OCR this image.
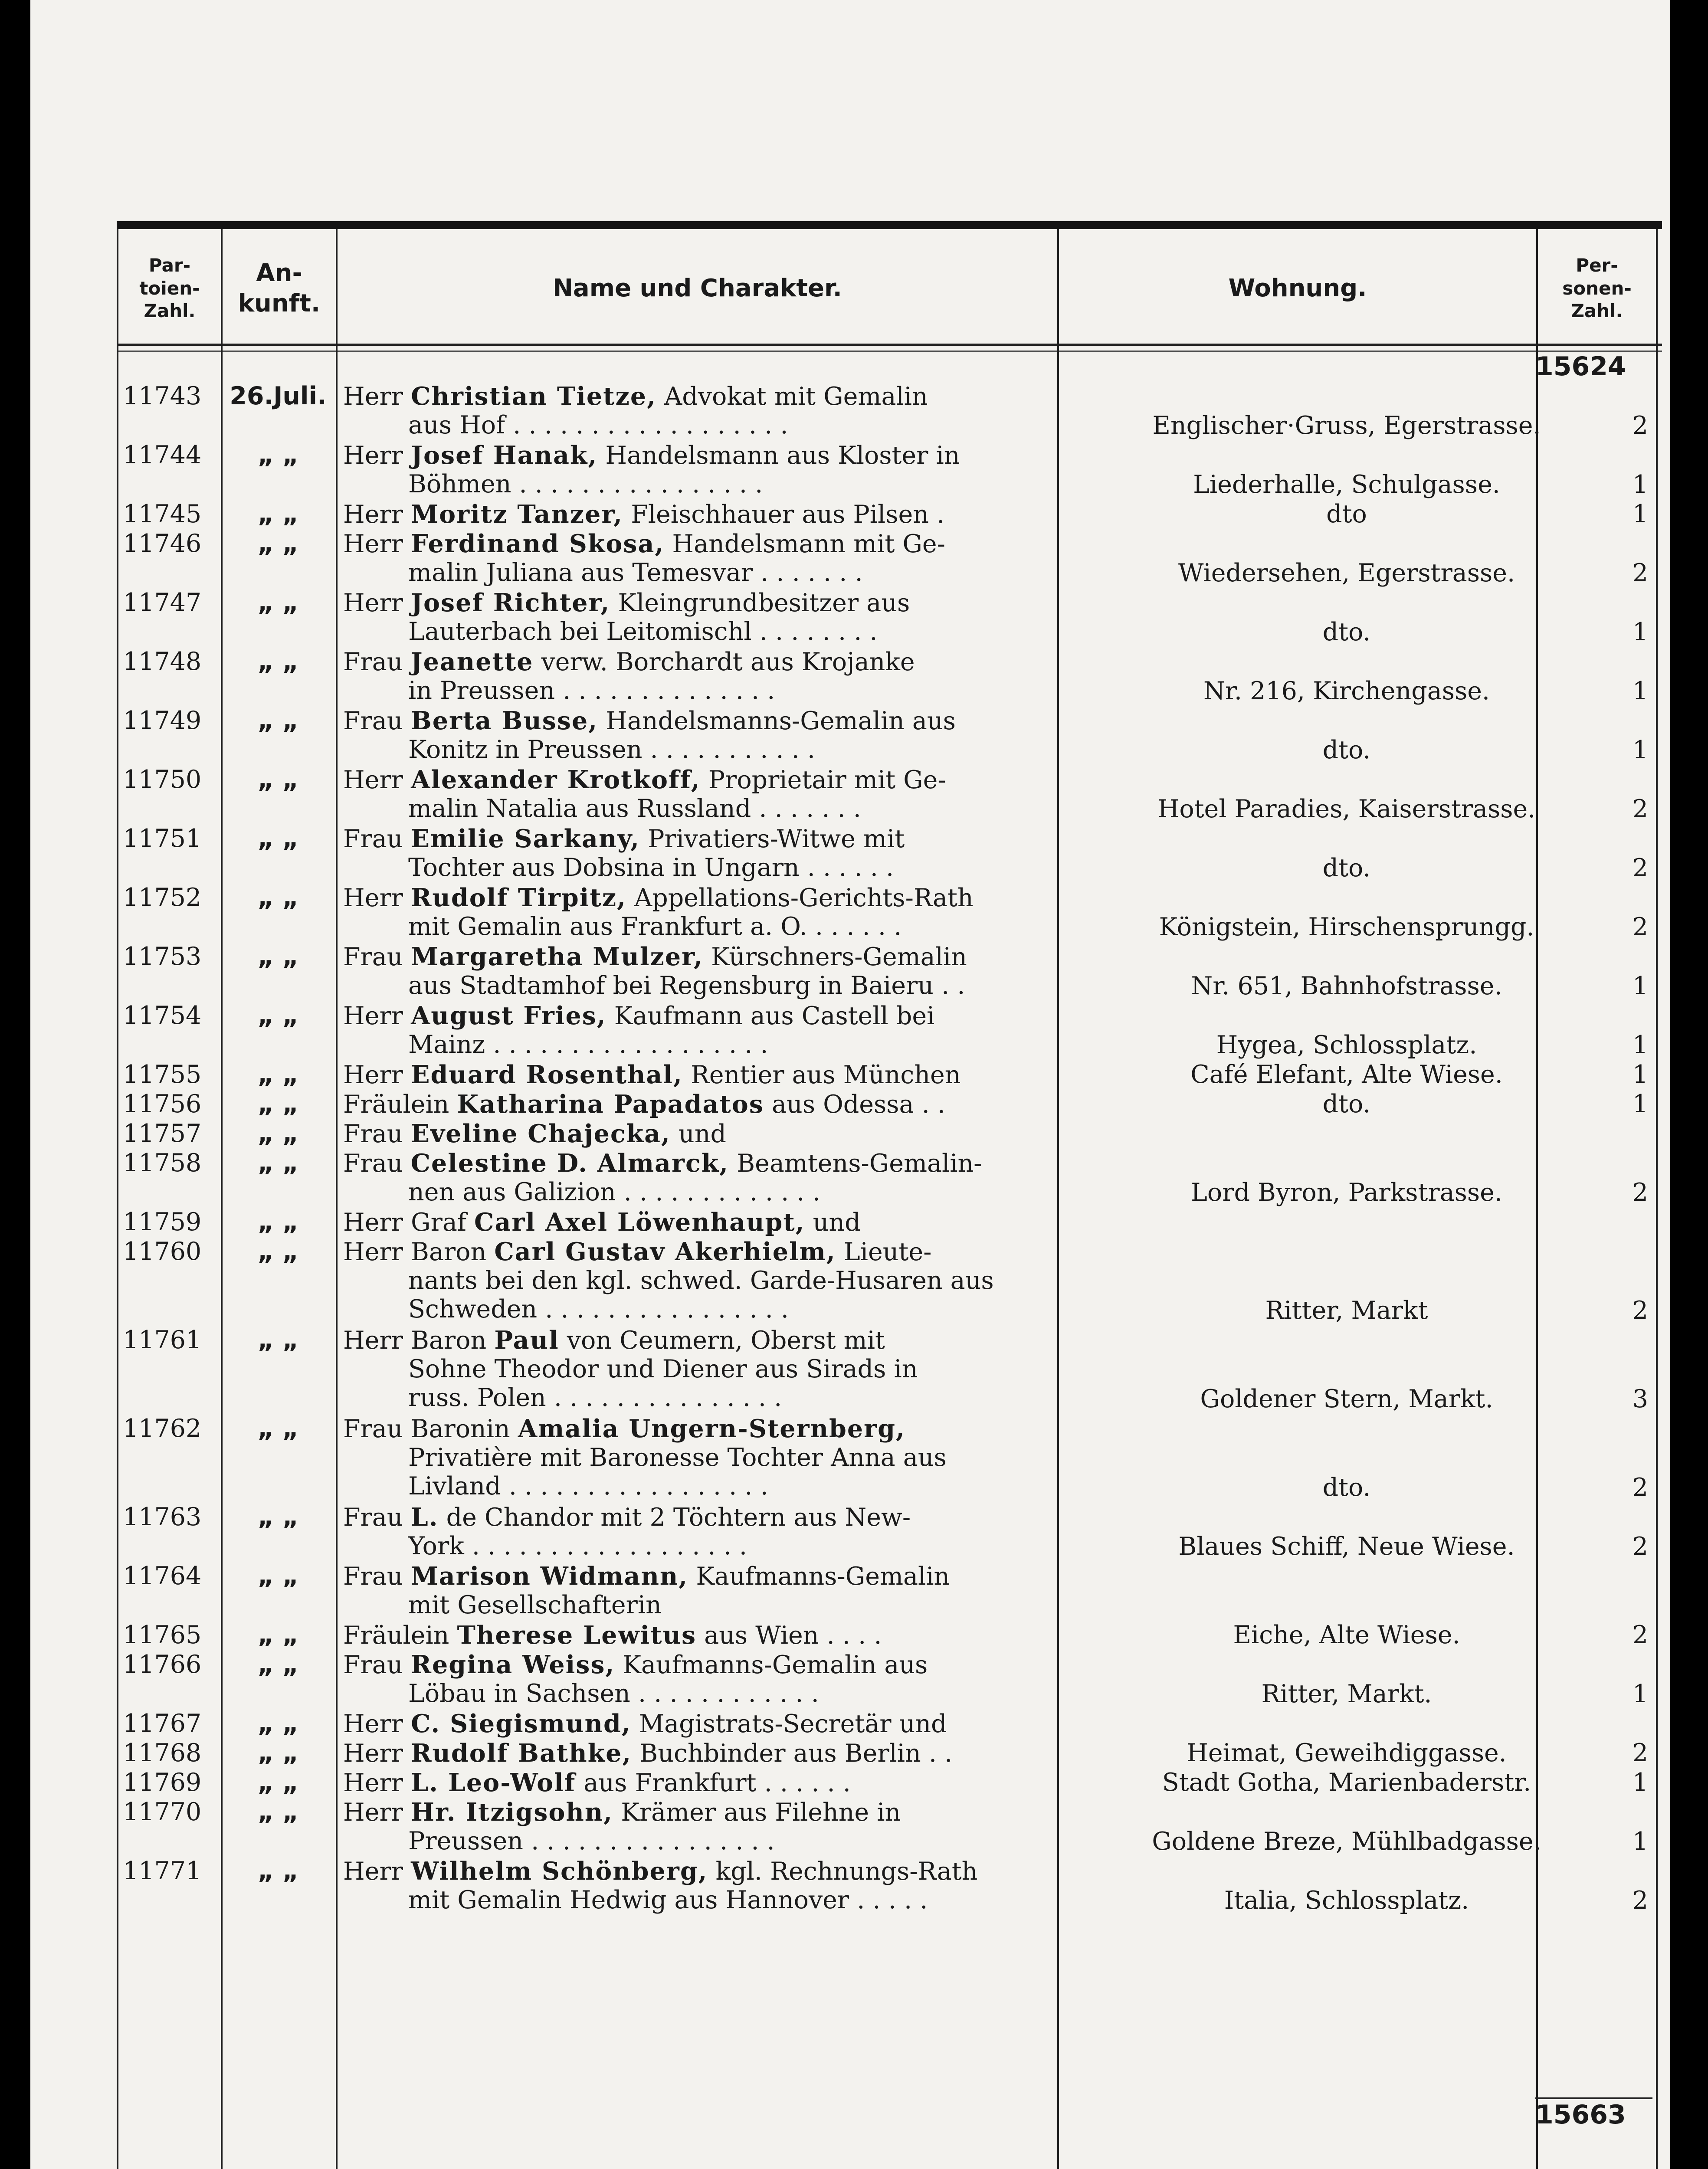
Par-
toien-
Zahl.
An-
kunft.
Name und Charakter.	Wohnung.
Per-
sonen-
Zahl.
15624
15663
11743	26.Juli. Herr Christian Tietze, Advokat mit Gemalin
aus Hof . . . . . . . . . . . . . . . . . .	Englischer·Gruss, Egerstrasse.	2
11744	„ „	Herr Josef Hanak, Handelsmann aus Kloster in
Böhmen . . . . . . . . . . . . . . . .	Liederhalle, Schulgasse.	1
11745	„ „	Herr Moritz Tanzer, Fleischhauer aus Pilsen .	dto	1
11746	„ „	Herr Ferdinand Skosa, Handelsmann mit Ge-
malin Juliana aus Temesvar . . . . . . .	Wiedersehen, Egerstrasse.	2
11747	„ „	Herr Josef Richter, Kleingrundbesitzer aus
Lauterbach bei Leitomischl . . . . . . . .	dto.	1
11748	„ „	Frau Jeanette verw. Borchardt aus Krojanke
in Preussen . . . . . . . . . . . . . .	Nr. 216, Kirchengasse.	1
11749	„ „	Frau Berta Busse, Handelsmanns-Gemalin aus
Konitz in Preussen . . . . . . . . . . .	dto.	1
11750	„ „	Herr Alexander Krotkoff, Proprietair mit Ge-
malin Natalia aus Russland . . . . . . .	Hotel Paradies, Kaiserstrasse.	2
11751	„ „	Frau Emilie Sarkany, Privatiers-Witwe mit
Tochter aus Dobsina in Ungarn . . . . . .	dto.	2
11752	„ „	Herr Rudolf Tirpitz, Appellations-Gerichts-Rath
mit Gemalin aus Frankfurt a. O. . . . . . .	Königstein, Hirschensprungg.	2
11753	„ „	Frau Margaretha Mulzer, Kürschners-Gemalin
aus Stadtamhof bei Regensburg in Baieru . .	Nr. 651, Bahnhofstrasse.	1
11754	„ „	Herr August Fries, Kaufmann aus Castell bei
Mainz . . . . . . . . . . . . . . . . . .	Hygea, Schlossplatz.	1
11755	„ „	Herr Eduard Rosenthal, Rentier aus München	Café Elefant, Alte Wiese.	1
11756	„ „	Fräulein Katharina Papadatos aus Odessa . .	dto.	1
11757	„ „	Frau Eveline Chajecka, und
11758	„ „	Frau Celestine D. Almarck, Beamtens-Gemalin-
nen aus Galizion . . . . . . . . . . . . .	Lord Byron, Parkstrasse.	2
11759	„ „	Herr Graf Carl Axel Löwenhaupt, und
11760	„ „	Herr Baron Carl Gustav Akerhielm, Lieute-
nants bei den kgl. schwed. Garde-Husaren aus
Schweden . . . . . . . . . . . . . . . .	Ritter, Markt	2
11761	„ „	Herr Baron Paul von Ceumern, Oberst mit
Sohne Theodor und Diener aus Sirads in
russ. Polen . . . . . . . . . . . . . . .	Goldener Stern, Markt.	3
11762	„ „	Frau Baronin Amalia Ungern-Sternberg,
Privatière mit Baronesse Tochter Anna aus
Livland . . . . . . . . . . . . . . . . .	dto.	2
11763	„ „	Frau L. de Chandor mit 2 Töchtern aus New-
York . . . . . . . . . . . . . . . . . .	Blaues Schiff, Neue Wiese.	2
11764	„ „	Frau Marison Widmann, Kaufmanns-Gemalin
mit Gesellschafterin
11765	„ „	Fräulein Therese Lewitus aus Wien . . . .	Eiche, Alte Wiese.	2
11766	„ „	Frau Regina Weiss, Kaufmanns-Gemalin aus
Löbau in Sachsen . . . . . . . . . . . .	Ritter, Markt.	1
11767	„ „	Herr C. Siegismund, Magistrats-Secretär und
11768	„ „	Herr Rudolf Bathke, Buchbinder aus Berlin . .	Heimat, Geweihdiggasse.	2
11769	„ „	Herr L. Leo-Wolf aus Frankfurt . . . . . .	Stadt Gotha, Marienbaderstr.	1
11770	„ „	Herr Hr. Itzigsohn, Krämer aus Filehne in
Preussen . . . . . . . . . . . . . . . .	Goldene Breze, Mühlbadgasse.	1
11771	„ „	Herr Wilhelm Schönberg, kgl. Rechnungs-Rath
mit Gemalin Hedwig aus Hannover . . . . .	Italia, Schlossplatz.	2
